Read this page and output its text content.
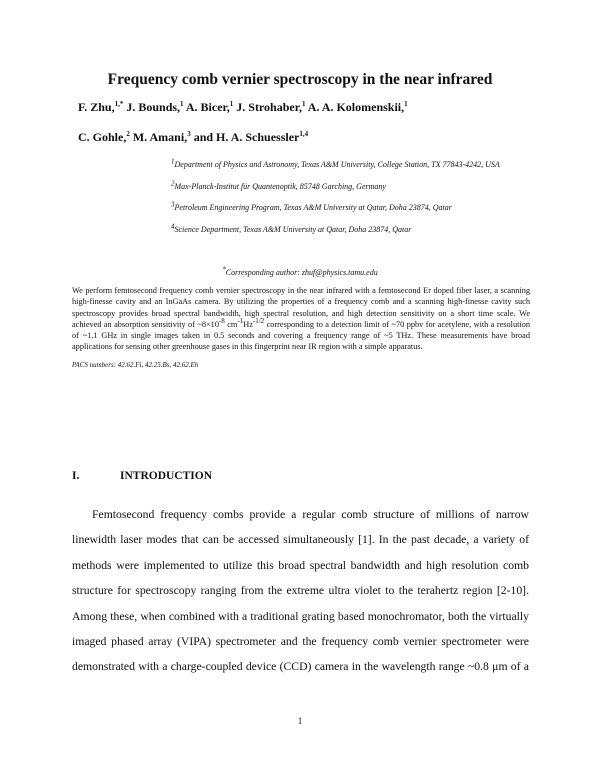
Frequency comb vernier spectroscopy in the near infrared
F. Zhu,$^{1,*}$ J. Bounds,$^1$ A. Bicer,$^1$ J. Strohaber,$^1$ A. A. Kolomenskii,$^1$
C. Gohle,$^2$ M. Amani,$^3$ and H. A. Schuessler$^{1,4}$
$^1$Department of Physics and Astronomy, Texas A&M University, College Station, TX 77843-4242, USA
$^2$Max-Planck-Institut für Quantenoptik, 85748 Garching, Germany
$^3$Petroleum Engineering Program, Texas A&M University at Qatar, Doha 23874, Qatar
$^4$Science Department, Texas A&M University at Qatar, Doha 23874, Qatar
*Corresponding author: zhuf@physics.tamu.edu
We perform femtosecond frequency comb vernier spectroscopy in the near infrared with a femtosecond Er doped fiber laser, a scanning high-finesse cavity and an InGaAs camera. By utilizing the properties of a frequency comb and a scanning high-finesse cavity such spectroscopy provides broad spectral bandwidth, high spectral resolution, and high detection sensitivity on a short time scale. We achieved an absorption sensitivity of $\sim 8\times 10^{-8}$ $cm^{-1}Hz^{-1/2}$ corresponding to a detection limit of ~70 ppbv for acetylene, with a resolution of ~1.1 GHz in single images taken in 0.5 seconds and covering a frequency range of ~5 THz. These measurements have broad applications for sensing other greenhouse gases in this fingerprint near IR region with a simple apparatus.
PACS numbers: 42.62.Fi, 42.25.Bs, 42.62.Eh
I.	INTRODUCTION
Femtosecond frequency combs provide a regular comb structure of millions of narrow
linewidth laser modes that can be accessed simultaneously [1]. In the past decade, a variety of
methods were implemented to utilize this broad spectral bandwidth and high resolution comb
structure for spectroscopy ranging from the extreme ultra violet to the terahertz region [2-10].
Among these, when combined with a traditional grating based monochromator, both the virtually
imaged phased array (VIPA) spectrometer and the frequency comb vernier spectrometer were
demonstrated with a charge-coupled device (CCD) camera in the wavelength range ~0.8 μm of a
1
